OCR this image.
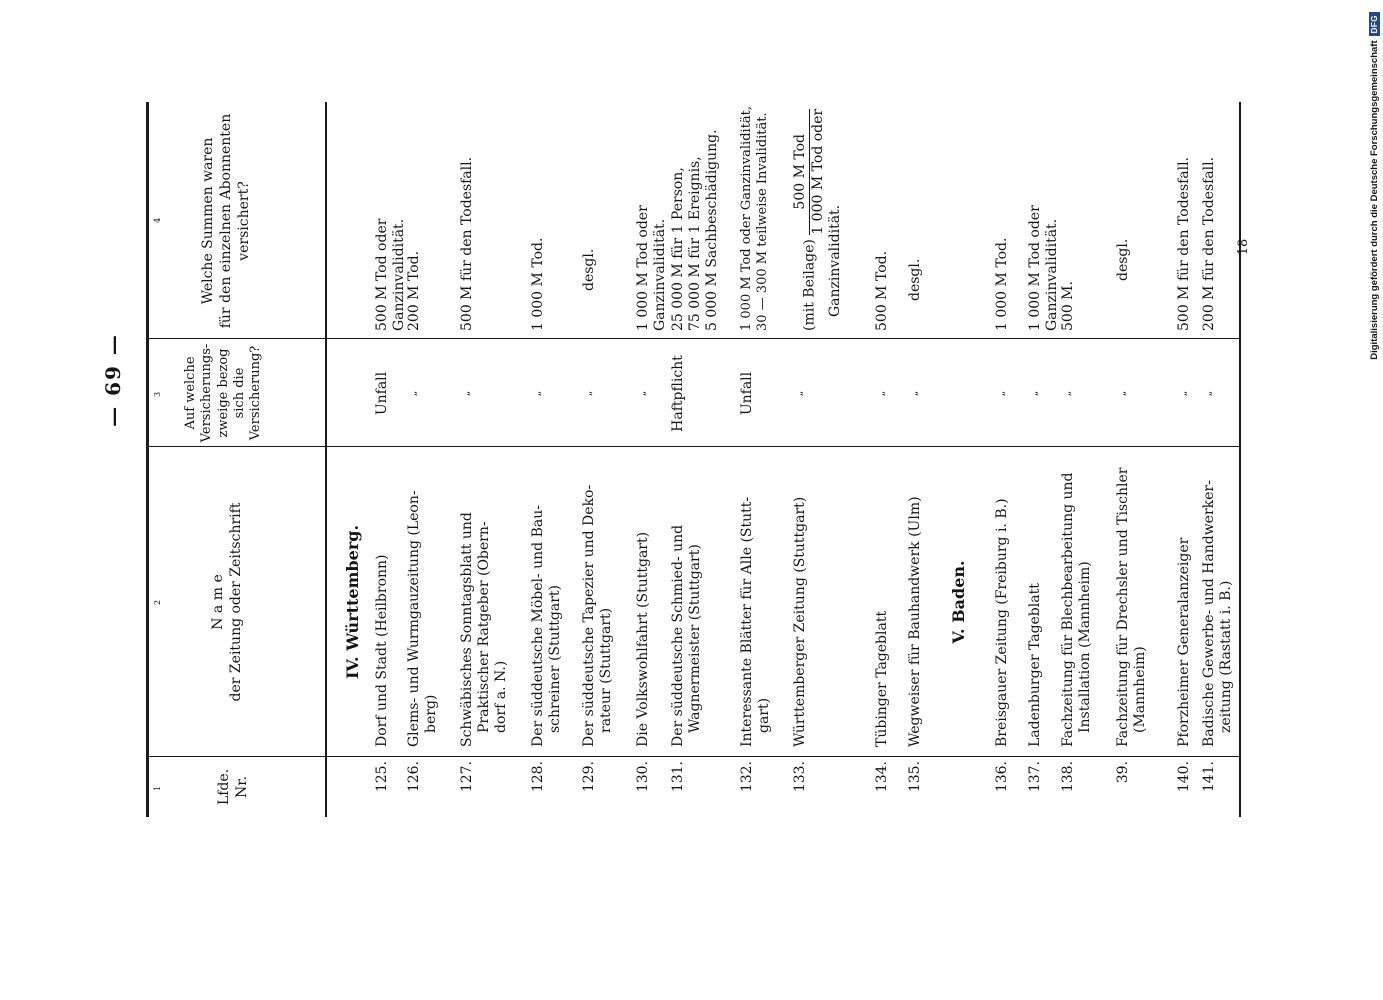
— 69 —
1
2
3
4
Lfde. Nr.
N a m e der Zeitung oder Zeitschrift
Auf welche Versicherungs- zweige bezog sich die Versicherung?
Welche Summen waren für den einzelnen Abonnenten versichert?
IV. Württemberg.
125.
Dorf und Stadt (Heilbronn)
Unfall
500 M Tod oder Ganzinvalidität.
126.
Glems- und Wurmgauzeitung (Leon- berg)
„
200 M Tod.
127.
Schwäbisches Sonntagsblatt und Praktischer Ratgeber (Obern- dorf a. N.)
„
500 M für den Todesfall.
128.
Der süddeutsche Möbel- und Bau- schreiner (Stuttgart)
„
1 000 M Tod.
129.
Der süddeutsche Tapezier und Deko- rateur (Stuttgart)
„
desgl.
130.
Die Volkswohlfahrt (Stuttgart)
„
1 000 M Tod oder Ganzinvalidität.
131.
Der süddeutsche Schmied- und Wagnermeister (Stuttgart)
Haftpflicht
25 000 M für 1 Person, 75 000 M für 1 Ereignis, 5 000 M Sachbeschädigung.
132.
Interessante Blätter für Alle (Stutt- gart)
Unfall
1 000 M Tod oder Ganzinvalidität, 30 — 300 M teilweise Invalidität.
133.
Württemberger Zeitung (Stuttgart)
„
(mit Beilage)
500 M Tod 1 000 M Tod oder
Ganzinvalidität.
134.
Tübinger Tageblatt
„
500 M Tod.
135.
Wegweiser für Bauhandwerk (Ulm)
„
desgl.
V. Baden.
136.
Breisgauer Zeitung (Freiburg i. B.)
„
1 000 M Tod.
137.
Ladenburger Tageblatt
„
1 000 M Tod oder Ganzinvalidität.
138.
Fachzeitung für Blechbearbeitung und Installation (Mannheim)
„
500 M.
39.
Fachzeitung für Drechsler und Tischler (Mannheim)
„
desgl.
140.
Pforzheimer Generalanzeiger
„
500 M für den Todesfall.
141.
Badische Gewerbe- und Handwerker- zeitung (Rastatt i. B.)
„
200 M für den Todesfall. 18	Digitalisierung gefördert durch die Deutsche Forschungsgemeinschaft
DFG
